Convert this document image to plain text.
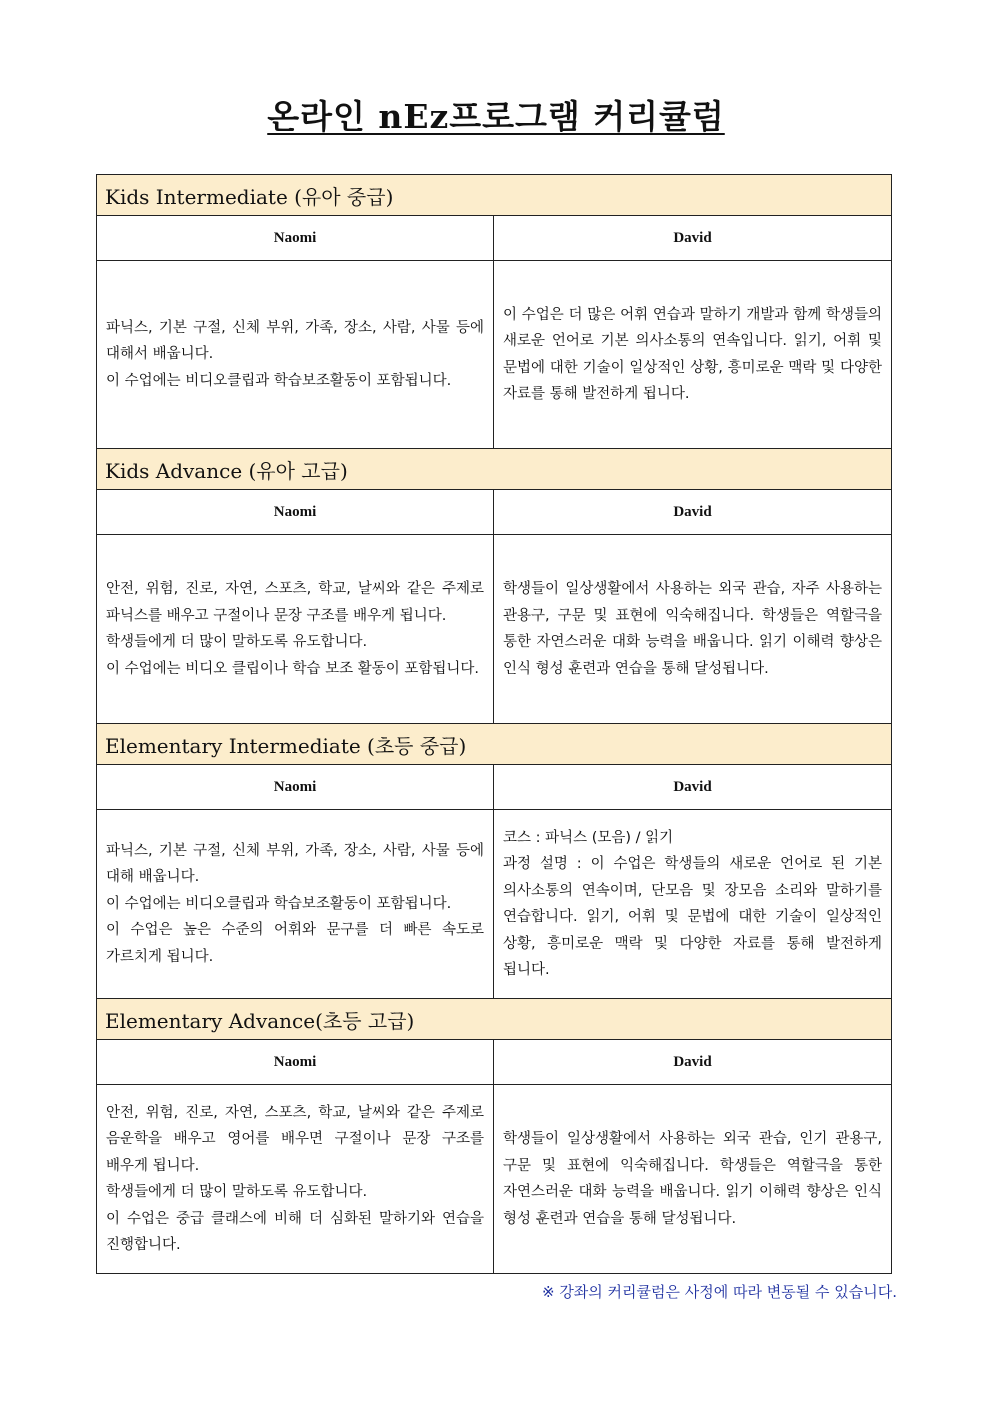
온라인 nEz프로그램 커리큘럼
Kids Intermediate (유아 중급)	
Naomi	David

파닉스, 기본 구절, 신체 부위, 가족, 장소, 사람, 사물 등에 대해서 배웁니다.
이 수업에는 비디오클립과 학습보조활동이 포함됩니다.	이 수업은 더 많은 어휘 연습과 말하기 개발과 함께 학생들의 새로운 언어로 기본 의사소통의 연속입니다. 읽기, 어휘 및 문법에 대한 기술이 일상적인 상황, 흥미로운 맥락 및 다양한 자료를 통해 발전하게 됩니다.

Kids Advance (유아 고급)	
Naomi	David

안전, 위험, 진로, 자연, 스포츠, 학교, 날씨와 같은 주제로 파닉스를 배우고 구절이나 문장 구조를 배우게 됩니다.
학생들에게 더 많이 말하도록 유도합니다.
이 수업에는 비디오 클립이나 학습 보조 활동이 포함됩니다.	학생들이 일상생활에서 사용하는 외국 관습, 자주 사용하는 관용구, 구문 및 표현에 익숙해집니다. 학생들은 역할극을 통한 자연스러운 대화 능력을 배웁니다. 읽기 이해력 향상은 인식 형성 훈련과 연습을 통해 달성됩니다.

Elementary Intermediate (초등 중급)	
Naomi	David

파닉스, 기본 구절, 신체 부위, 가족, 장소, 사람, 사물 등에 대해 배웁니다.
이 수업에는 비디오클립과 학습보조활동이 포함됩니다.
이 수업은 높은 수준의 어휘와 문구를 더 빠른 속도로 가르치게 됩니다.	코스 : 파닉스 (모음) / 읽기
과정 설명 : 이 수업은 학생들의 새로운 언어로 된 기본 의사소통의 연속이며, 단모음 및 장모음 소리와 말하기를 연습합니다. 읽기, 어휘 및 문법에 대한 기술이 일상적인 상황, 흥미로운 맥락 및 다양한 자료를 통해 발전하게 됩니다.

Elementary Advance(초등 고급)	
Naomi	David

안전, 위험, 진로, 자연, 스포츠, 학교, 날씨와 같은 주제로 음운학을 배우고 영어를 배우면 구절이나 문장 구조를 배우게 됩니다.
학생들에게 더 많이 말하도록 유도합니다.
이 수업은 중급 클래스에 비해 더 심화된 말하기와 연습을 진행합니다.	학생들이 일상생활에서 사용하는 외국 관습, 인기 관용구, 구문 및 표현에 익숙해집니다. 학생들은 역할극을 통한 자연스러운 대화 능력을 배웁니다. 읽기 이해력 향상은 인식 형성 훈련과 연습을 통해 달성됩니다.
※ 강좌의 커리큘럼은 사정에 따라 변동될 수 있습니다.
